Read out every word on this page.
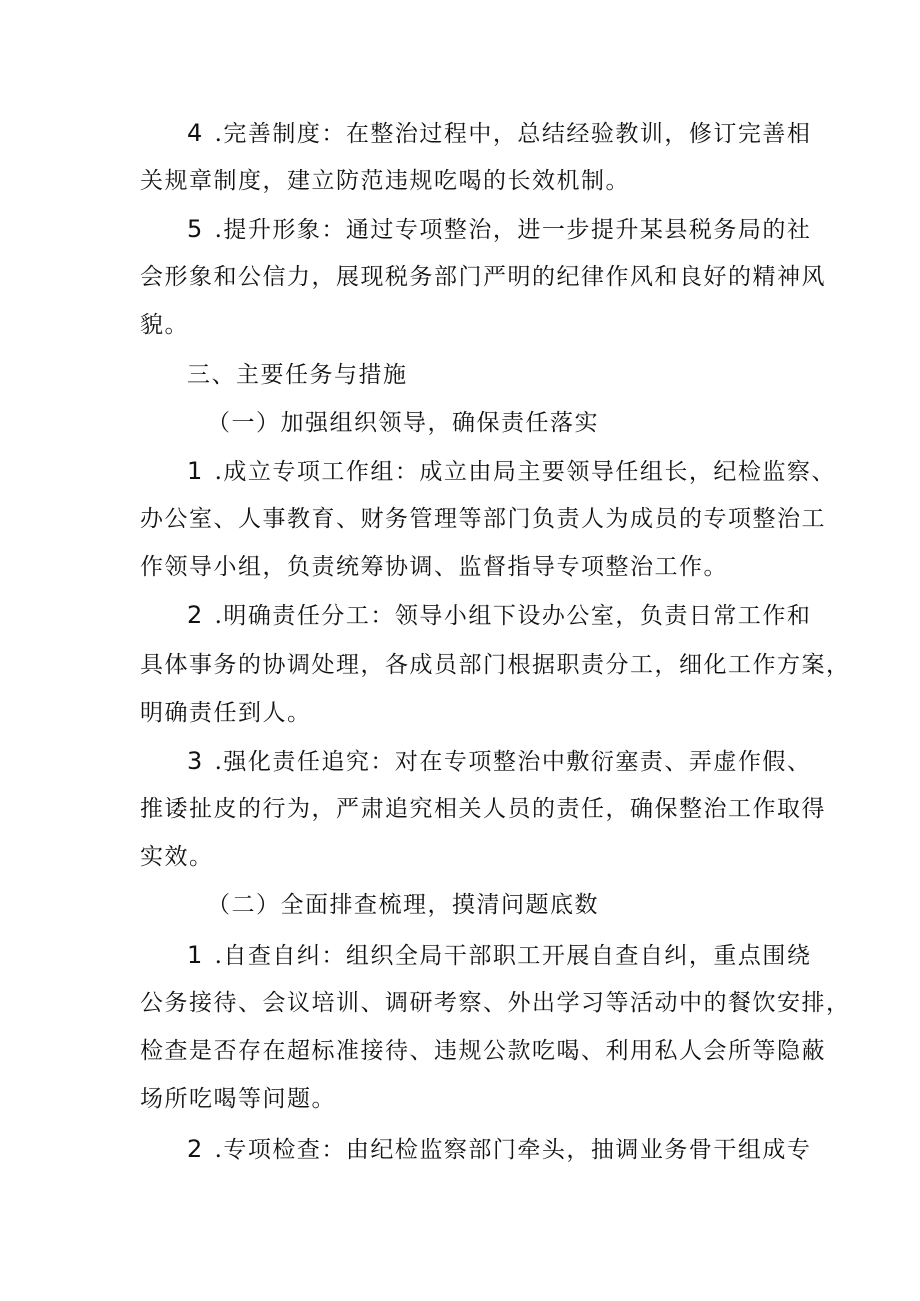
4 .完善制度：在整治过程中，总结经验教训，修订完善相
关规章制度，建立防范违规吃喝的长效机制。
5 .提升形象：通过专项整治，进一步提升某县税务局的社
会形象和公信力，展现税务部门严明的纪律作风和良好的精神风
貌。
三、主要任务与措施
（一）加强组织领导，确保责任落实
1 .成立专项工作组：成立由局主要领导任组长，纪检监察、
办公室、人事教育、财务管理等部门负责人为成员的专项整治工
作领导小组，负责统筹协调、监督指导专项整治工作。
2 .明确责任分工：领导小组下设办公室，负责日常工作和
具体事务的协调处理，各成员部门根据职责分工，细化工作方案，
明确责任到人。
3 .强化责任追究：对在专项整治中敷衍塞责、弄虚作假、
推诿扯皮的行为，严肃追究相关人员的责任，确保整治工作取得
实效。
（二）全面排查梳理，摸清问题底数
1 .自查自纠：组织全局干部职工开展自查自纠，重点围绕
公务接待、会议培训、调研考察、外出学习等活动中的餐饮安排，
检查是否存在超标准接待、违规公款吃喝、利用私人会所等隐蔽
场所吃喝等问题。
2 .专项检查：由纪检监察部门牵头，抽调业务骨干组成专
